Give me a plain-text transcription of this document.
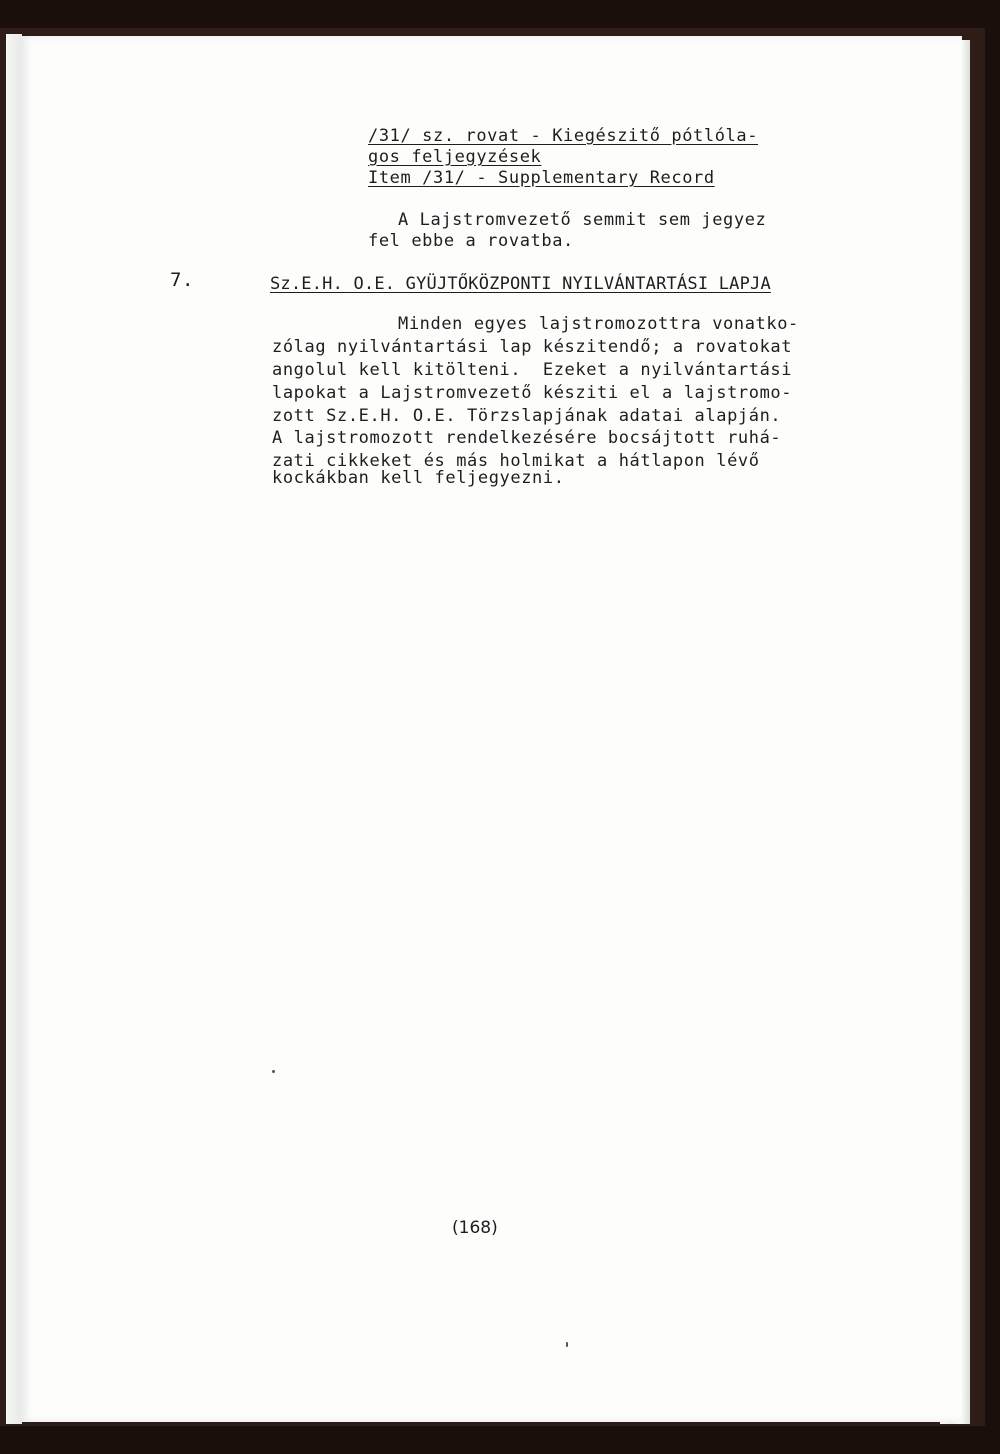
/31/ sz. rovat - Kiegészitő pótlóla-
gos feljegyzések
Item /31/ - Supplementary Record
A Lajstromvezető semmit sem jegyez
fel ebbe a rovatba.
7.	Sz.E.H. O.E. GYÜJTŐKÖZPONTI NYILVÁNTARTÁSI LAPJA
Minden egyes lajstromozottra vonatko-
zólag nyilvántartási lap készitendő; a rovatokat
angolul kell kitölteni.  Ezeket a nyilvántartási
lapokat a Lajstromvezető késziti el a lajstromo-
zott Sz.E.H. O.E. Törzslapjának adatai alapján.
A lajstromozott rendelkezésére bocsájtott ruhá-
zati cikkeket és más holmikat a hátlapon lévő
kockákban kell feljegyezni.
(168)
